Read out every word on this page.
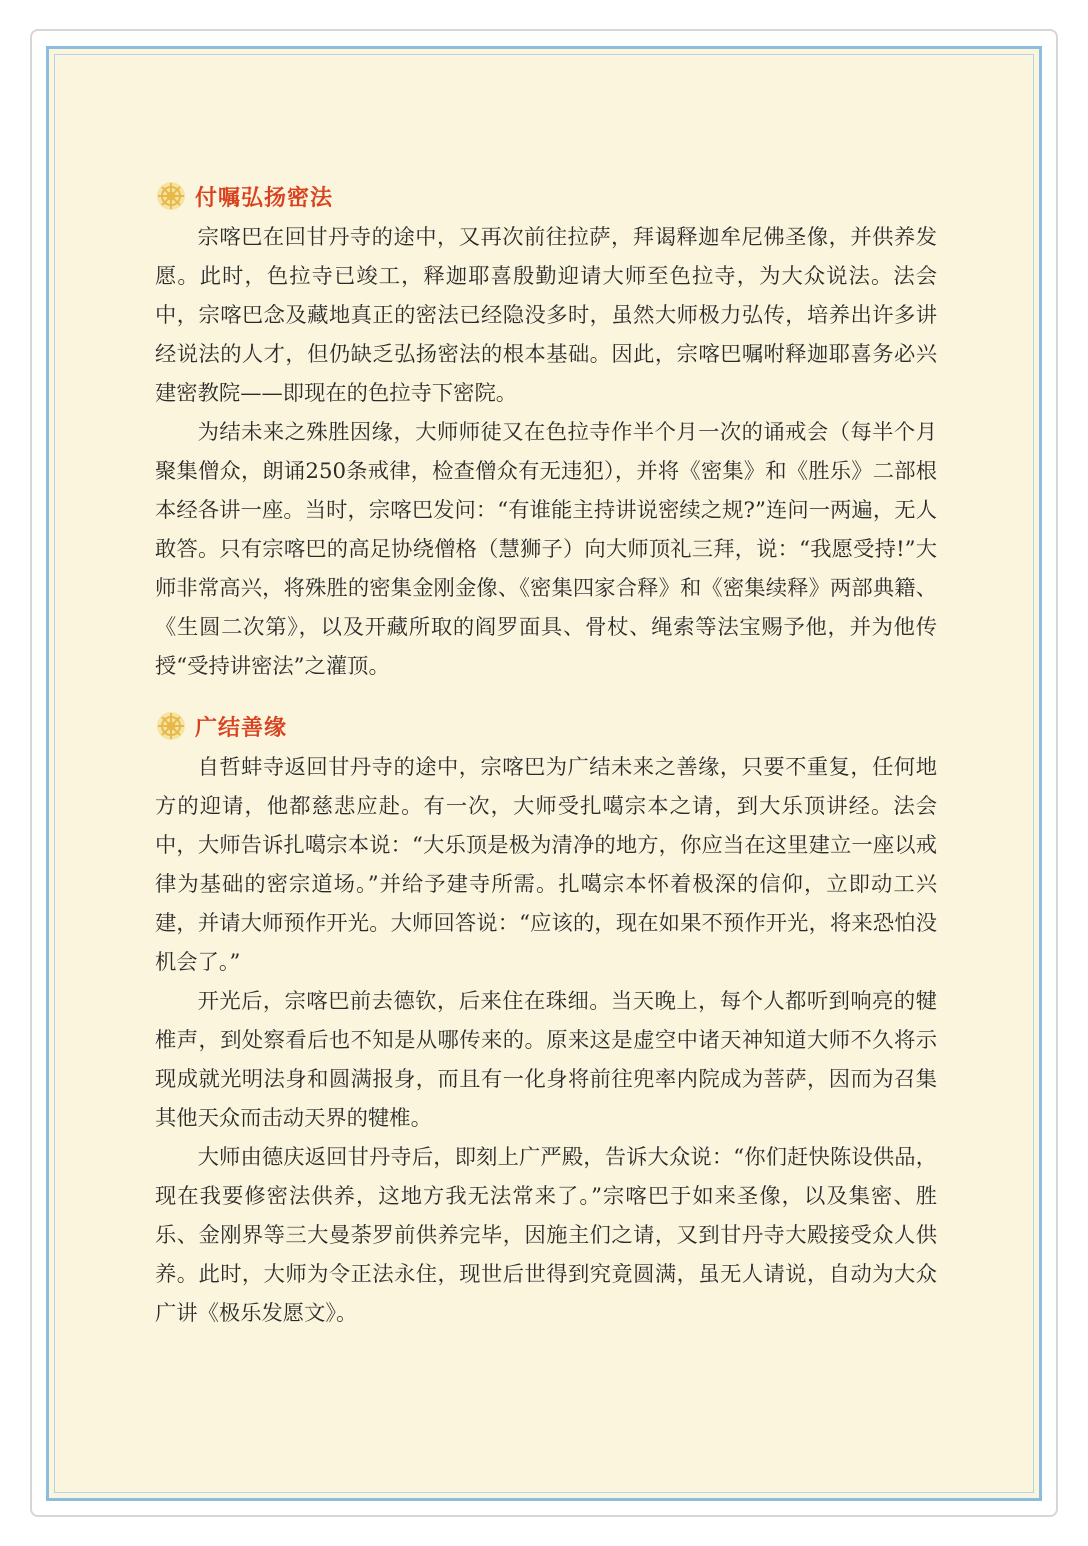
付嘱弘扬密法

宗喀巴在回甘丹寺的途中，又再次前往拉萨，拜谒释迦牟尼佛圣像，并供养发愿。此时，色拉寺已竣工，释迦耶喜殷勤迎请大师至色拉寺，为大众说法。法会中，宗喀巴念及藏地真正的密法已经隐没多时，虽然大师极力弘传，培养出许多讲经说法的人才，但仍缺乏弘扬密法的根本基础。因此，宗喀巴嘱咐释迦耶喜务必兴建密教院——即现在的色拉寺下密院。

为结未来之殊胜因缘，大师师徒又在色拉寺作半个月一次的诵戒会（每半个月聚集僧众，朗诵250条戒律，检查僧众有无违犯），并将《密集》和《胜乐》二部根本经各讲一座。当时，宗喀巴发问：“有谁能主持讲说密续之规?”连问一两遍，无人敢答。只有宗喀巴的高足协绕僧格（慧狮子）向大师顶礼三拜，说：“我愿受持!”大师非常高兴，将殊胜的密集金刚金像、《密集四家合释》和《密集续释》两部典籍、《生圆二次第》，以及开藏所取的阎罗面具、骨杖、绳索等法宝赐予他，并为他传授“受持讲密法”之灌顶。

广结善缘

自哲蚌寺返回甘丹寺的途中，宗喀巴为广结未来之善缘，只要不重复，任何地方的迎请，他都慈悲应赴。有一次，大师受扎噶宗本之请，到大乐顶讲经。法会中，大师告诉扎噶宗本说：“大乐顶是极为清净的地方，你应当在这里建立一座以戒律为基础的密宗道场。”并给予建寺所需。扎噶宗本怀着极深的信仰，立即动工兴建，并请大师预作开光。大师回答说：“应该的，现在如果不预作开光，将来恐怕没机会了。”

开光后，宗喀巴前去德钦，后来住在珠细。当天晚上，每个人都听到响亮的犍椎声，到处察看后也不知是从哪传来的。原来这是虚空中诸天神知道大师不久将示现成就光明法身和圆满报身，而且有一化身将前往兜率内院成为菩萨，因而为召集其他天众而击动天界的犍椎。

大师由德庆返回甘丹寺后，即刻上广严殿，告诉大众说：“你们赶快陈设供品，现在我要修密法供养，这地方我无法常来了。”宗喀巴于如来圣像，以及集密、胜乐、金刚界等三大曼荼罗前供养完毕，因施主们之请，又到甘丹寺大殿接受众人供养。此时，大师为令正法永住，现世后世得到究竟圆满，虽无人请说，自动为大众广讲《极乐发愿文》。
